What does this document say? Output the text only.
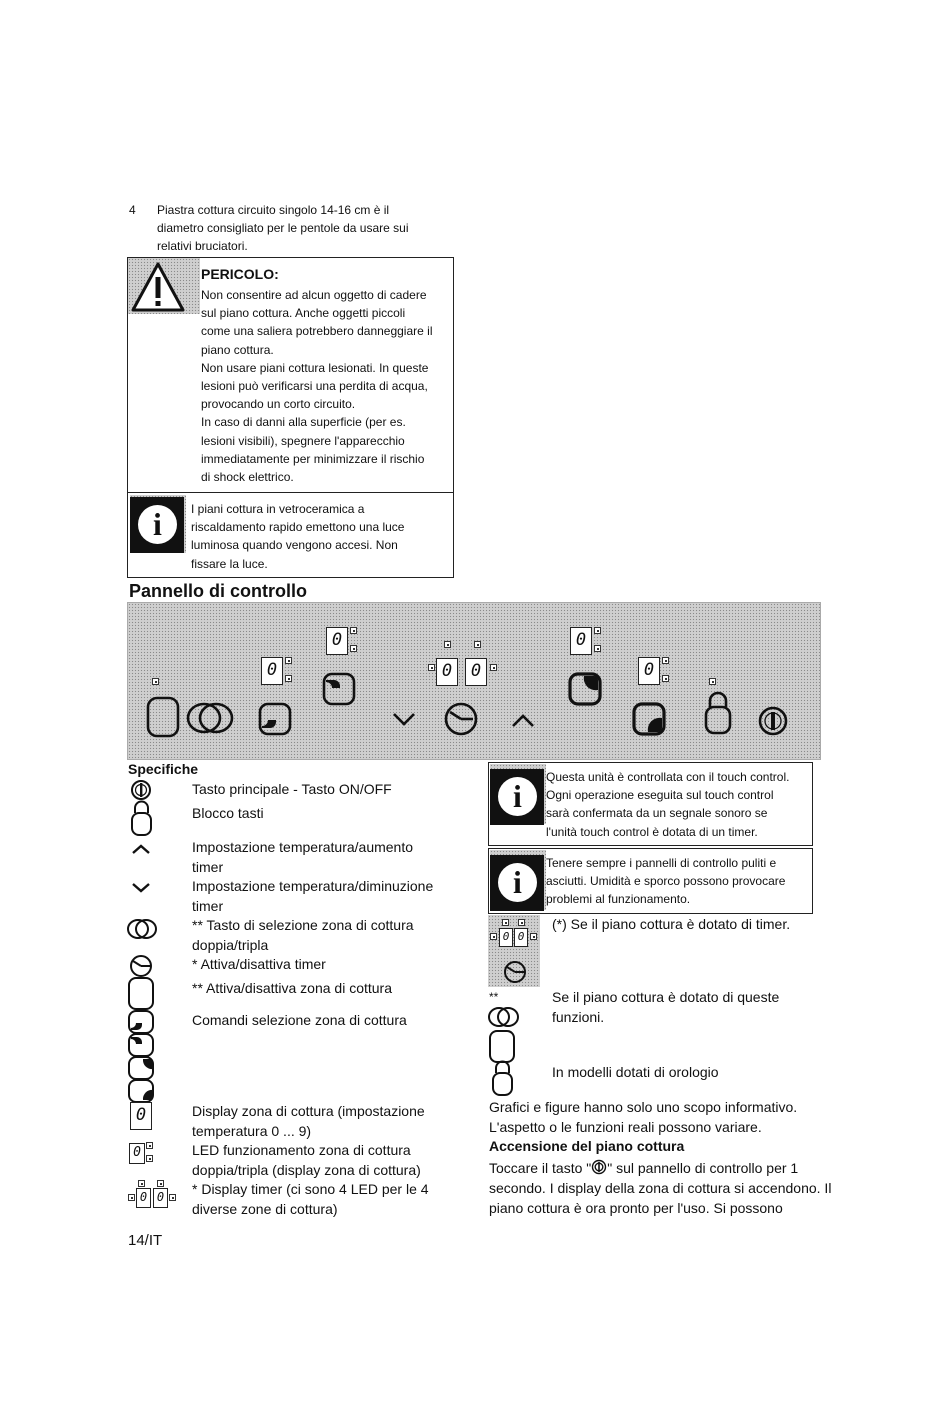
4 Piastra cottura circuito singolo 14-16 cm è il
diametro consigliato per le pentole da usare sui
relativi bruciatori.
PERICOLO:
Non consentire ad alcun oggetto di cadere
sul piano cottura. Anche oggetti piccoli
come una saliera potrebbero danneggiare il
piano cottura.
Non usare piani cottura lesionati. In queste
lesioni può verificarsi una perdita di acqua,
provocando un corto circuito.
In caso di danni alla superficie (per es.
lesioni visibili), spegnere l'apparecchio
immediatamente per minimizzare il rischio
di shock elettrico.
i	I piani cottura in vetroceramica a
riscaldamento rapido emettono una luce
luminosa quando vengono accesi. Non
fissare la luce.
Pannello di controllo
0
0	0	0
0
0
Specifiche
0
0
0 0
Tasto principale - Tasto ON/OFF
Blocco tasti
Impostazione temperatura/aumento
timer
Impostazione temperatura/diminuzione
timer
** Tasto di selezione zona di cottura
doppia/tripla
* Attiva/disattiva timer
** Attiva/disattiva zona di cottura
Comandi selezione zona di cottura
Display zona di cottura (impostazione
temperatura 0 ... 9)
LED funzionamento zona di cottura
doppia/tripla (display zona di cottura)
* Display timer (ci sono 4 LED per le 4
diverse zone di cottura)
14/IT
i
Questa unità è controllata con il touch control.
Ogni operazione eseguita sul touch control
sarà confermata da un segnale sonoro se
l'unità touch control è dotata di un timer.
i
Tenere sempre i pannelli di controllo puliti e
asciutti. Umidità e sporco possono provocare
problemi al funzionamento.
0 0
(*) Se il piano cottura è dotato di timer.
**	Se il piano cottura è dotato di queste
funzioni.
In modelli dotati di orologio
Grafici e figure hanno solo uno scopo informativo.
L'aspetto o le funzioni reali possono variare.
Accensione del piano cottura
Toccare il tasto " " sul pannello di controllo per 1
secondo. I display della zona di cottura si accendono. Il
piano cottura è ora pronto per l'uso. Si possono
